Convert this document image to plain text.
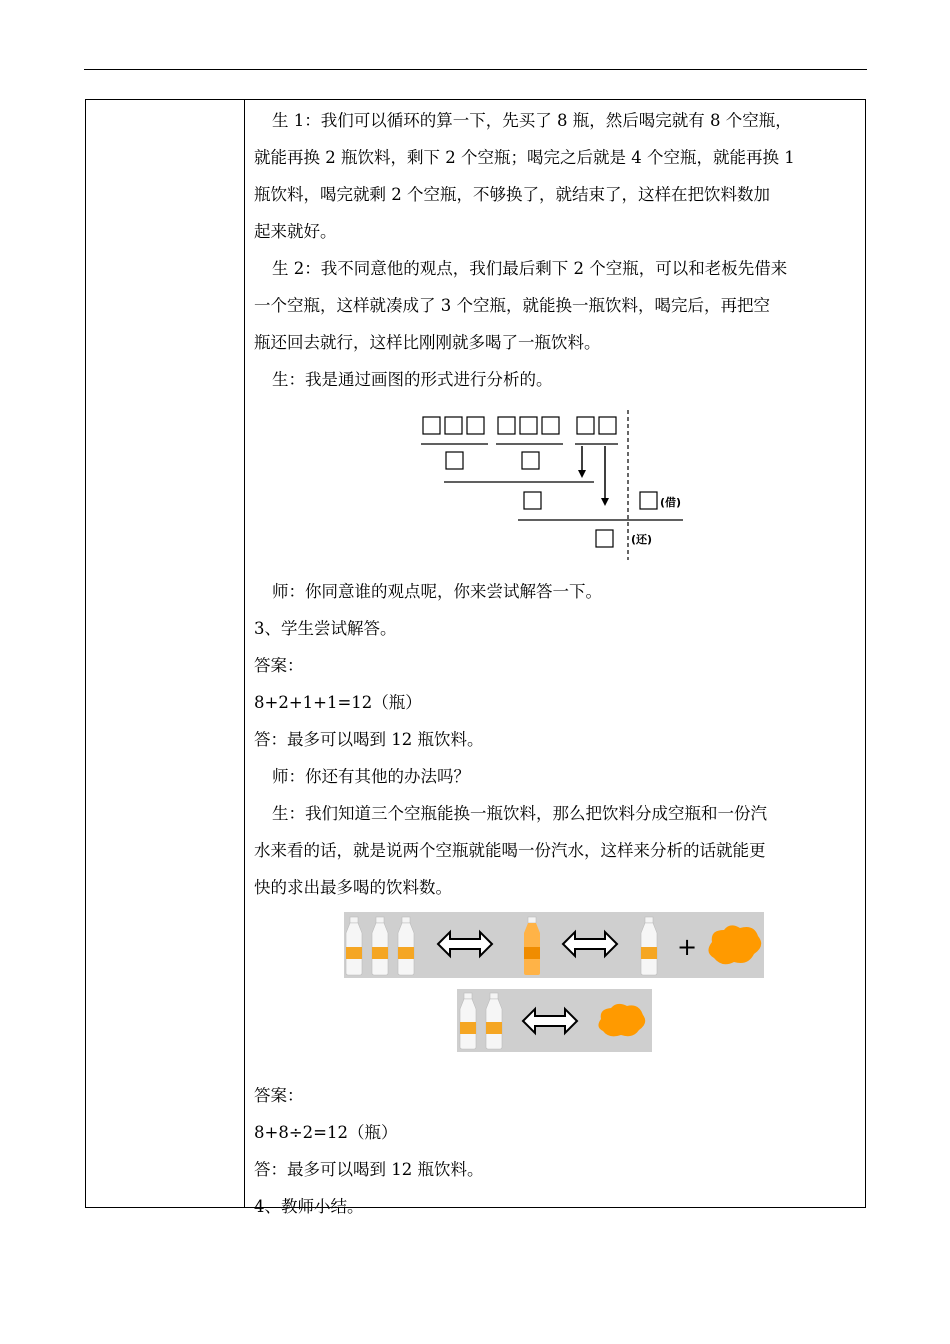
生 1：我们可以循环的算一下，先买了 8 瓶，然后喝完就有 8 个空瓶，

就能再换 2 瓶饮料，剩下 2 个空瓶；喝完之后就是 4 个空瓶，就能再换 1

瓶饮料，喝完就剩 2 个空瓶，不够换了，就结束了，这样在把饮料数加

起来就好。

生 2：我不同意他的观点，我们最后剩下 2 个空瓶，可以和老板先借来

一个空瓶，这样就凑成了 3 个空瓶，就能换一瓶饮料，喝完后，再把空

瓶还回去就行，这样比刚刚就多喝了一瓶饮料。

生：我是通过画图的形式进行分析的。

师：你同意谁的观点呢，你来尝试解答一下。

3、学生尝试解答。

答案：

8+2+1+1=12（瓶）

答：最多可以喝到 12 瓶饮料。

师：你还有其他的办法吗？

生：我们知道三个空瓶能换一瓶饮料，那么把饮料分成空瓶和一份汽

水来看的话，就是说两个空瓶就能喝一份汽水，这样来分析的话就能更

快的求出最多喝的饮料数。

答案：

8+8÷2=12（瓶）

答：最多可以喝到 12 瓶饮料。

4、教师小结。

(借)
(还)
+
